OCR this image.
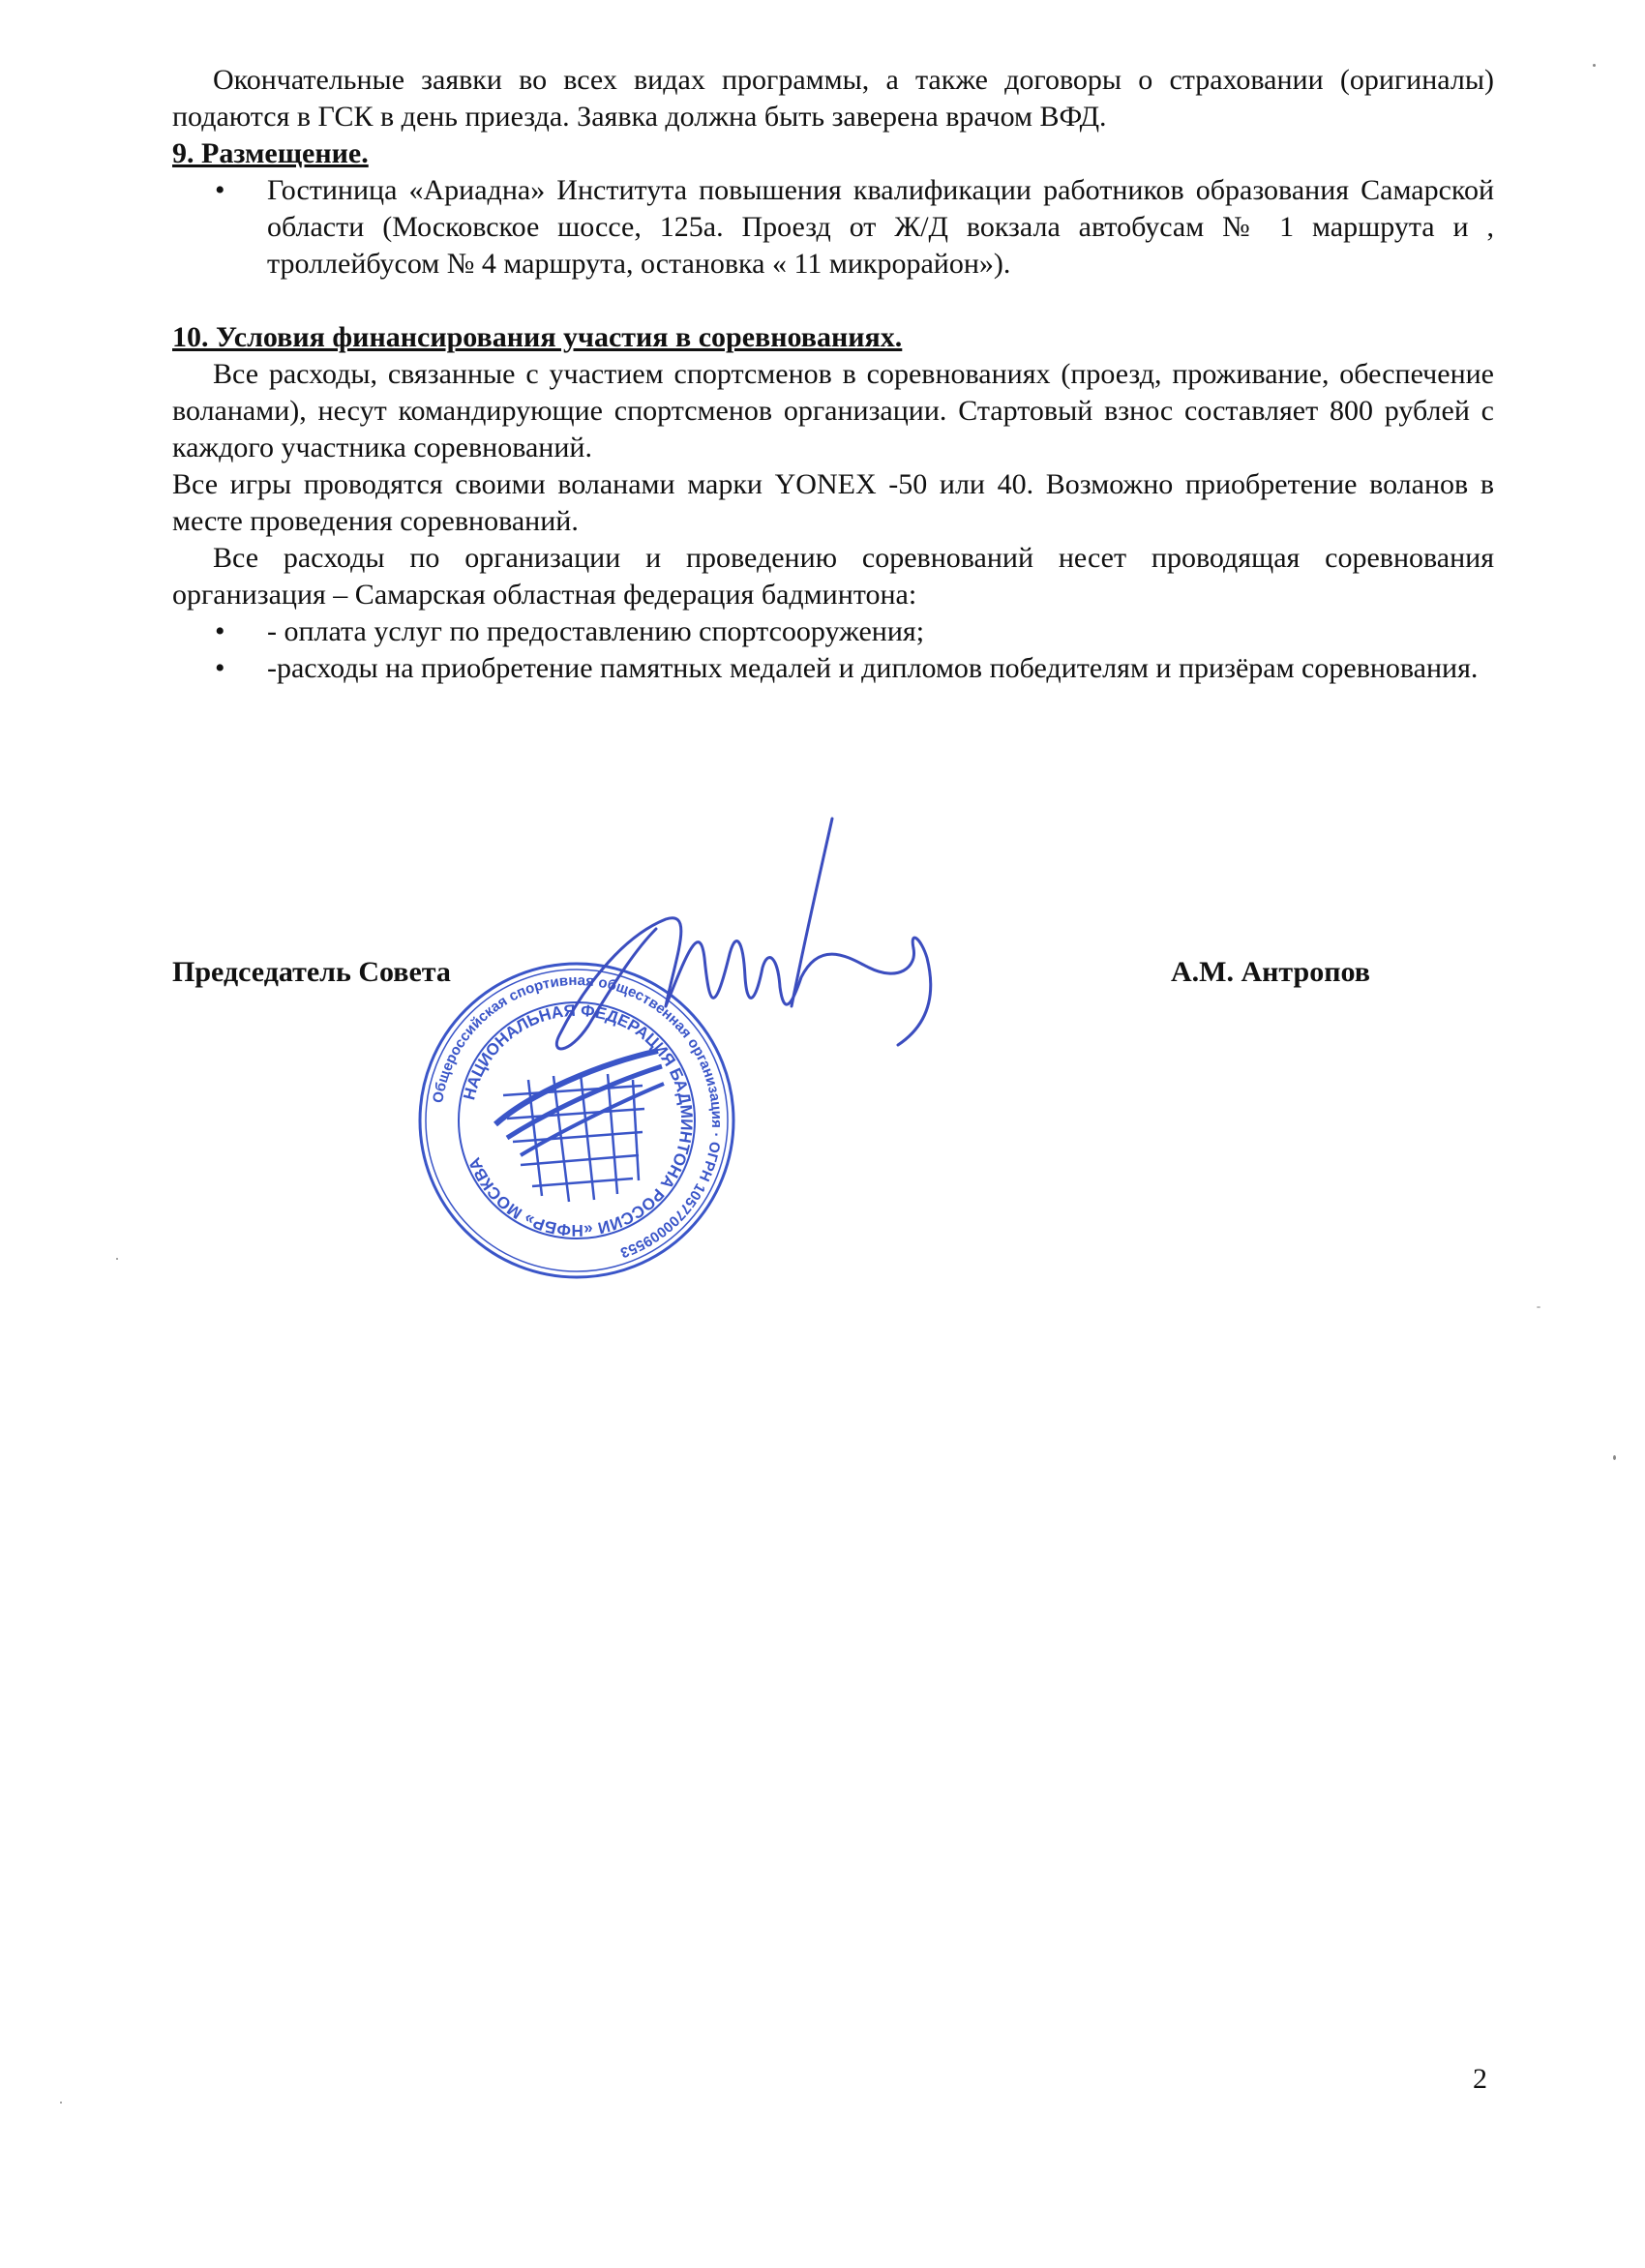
Окончательные заявки во всех видах программы, а также договоры о страховании (оригиналы) подаются в ГСК в день приезда. Заявка должна быть заверена врачом ВФД.
9. Размещение.
•	Гостиница «Ариадна» Института повышения квалификации работников образования Самарской области (Московское шоссе, 125а. Проезд от Ж/Д вокзала автобусам № 1 маршрута и , троллейбусом № 4 маршрута, остановка « 11 микрорайон»).
10. Условия финансирования участия в соревнованиях.
Все расходы, связанные с участием спортсменов в соревнованиях (проезд, проживание, обеспечение воланами), несут командирующие спортсменов организации. Стартовый взнос составляет 800 рублей с каждого участника соревнований.
Все игры проводятся своими воланами марки YONEX -50 или 40. Возможно приобретение воланов в месте проведения соревнований.
Все расходы по организации и проведению соревнований несет проводящая соревнования организация – Самарская областная федерация бадминтона:
•	- оплата услуг по предоставлению спортсооружения;
•	-расходы на приобретение памятных медалей и дипломов победителям и призёрам соревнования.
Общероссийская спортивная общественная организация · ОГРН 1057700009553
НАЦИОНАЛЬНАЯ ФЕДЕРАЦИЯ БАДМИНТОНА РОССИИ «НФБР» МОСКВА
Председатель Совета	А.М. Антропов
2
